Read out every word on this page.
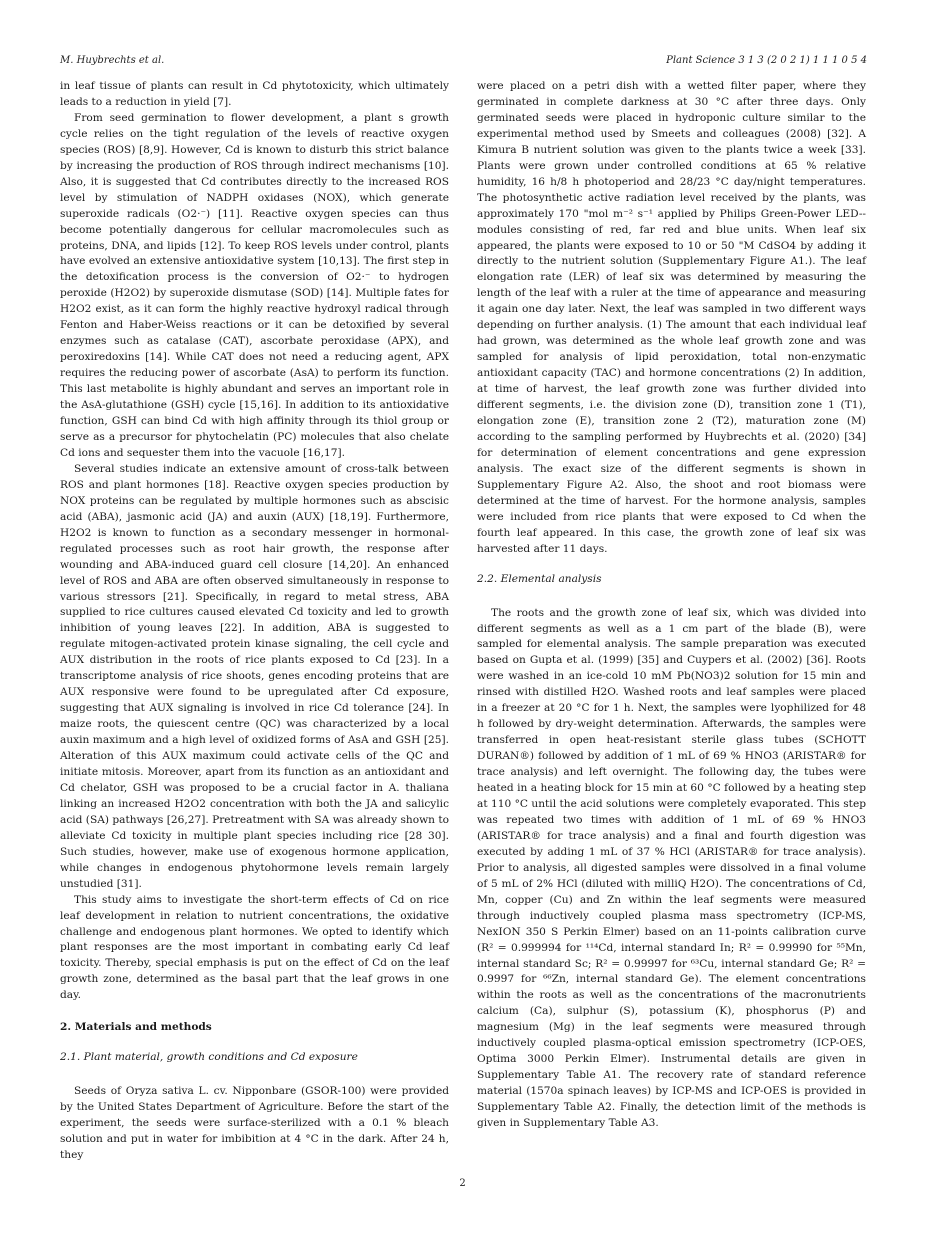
M. Huybrechts et al.	Plant Science 3 1 3 (2 0 2 1) 1 1 1 0 5 4

in leaf tissue of plants can result in Cd phytotoxicity, which ultimately leads to a reduction in yield [7].

From seed germination to flower development, a plant s growth cycle relies on the tight regulation of the levels of reactive oxygen species (ROS) [8,9]. However, Cd is known to disturb this strict balance by increasing the production of ROS through indirect mechanisms [10]. Also, it is suggested that Cd contributes directly to the increased ROS level by stimulation of NADPH oxidases (NOX), which generate superoxide radicals (O2·⁻) [11]. Reactive oxygen species can thus become potentially dangerous for cellular macromolecules such as proteins, DNA, and lipids [12]. To keep ROS levels under control, plants have evolved an extensive antioxidative system [10,13]. The first step in the detoxification process is the conversion of O2·⁻ to hydrogen peroxide (H2O2) by superoxide dismutase (SOD) [14]. Multiple fates for H2O2 exist, as it can form the highly reactive hydroxyl radical through Fenton and Haber-Weiss reactions or it can be detoxified by several enzymes such as catalase (CAT), ascorbate peroxidase (APX), and peroxiredoxins [14]. While CAT does not need a reducing agent, APX requires the reducing power of ascorbate (AsA) to perform its function. This last metabolite is highly abundant and serves an important role in the AsA-glutathione (GSH) cycle [15,16]. In addition to its antioxidative function, GSH can bind Cd with high affinity through its thiol group or serve as a precursor for phytochelatin (PC) molecules that also chelate Cd ions and sequester them into the vacuole [16,17].

Several studies indicate an extensive amount of cross-talk between ROS and plant hormones [18]. Reactive oxygen species production by NOX proteins can be regulated by multiple hormones such as abscisic acid (ABA), jasmonic acid (JA) and auxin (AUX) [18,19]. Furthermore, H2O2 is known to function as a secondary messenger in hormonal-regulated processes such as root hair growth, the response after wounding and ABA-induced guard cell closure [14,20]. An enhanced level of ROS and ABA are often observed simultaneously in response to various stressors [21]. Specifically, in regard to metal stress, ABA supplied to rice cultures caused elevated Cd toxicity and led to growth inhibition of young leaves [22]. In addition, ABA is suggested to regulate mitogen-activated protein kinase signaling, the cell cycle and AUX distribution in the roots of rice plants exposed to Cd [23]. In a transcriptome analysis of rice shoots, genes encoding proteins that are AUX responsive were found to be upregulated after Cd exposure, suggesting that AUX signaling is involved in rice Cd tolerance [24]. In maize roots, the quiescent centre (QC) was characterized by a local auxin maximum and a high level of oxidized forms of AsA and GSH [25]. Alteration of this AUX maximum could activate cells of the QC and initiate mitosis. Moreover, apart from its function as an antioxidant and Cd chelator, GSH was proposed to be a crucial factor in A. thaliana linking an increased H2O2 concentration with both the JA and salicylic acid (SA) pathways [26,27]. Pretreatment with SA was already shown to alleviate Cd toxicity in multiple plant species including rice [28 30]. Such studies, however, make use of exogenous hormone application, while changes in endogenous phytohormone levels remain largely unstudied [31].

This study aims to investigate the short-term effects of Cd on rice leaf development in relation to nutrient concentrations, the oxidative challenge and endogenous plant hormones. We opted to identify which plant responses are the most important in combating early Cd leaf toxicity. Thereby, special emphasis is put on the effect of Cd on the leaf growth zone, determined as the basal part that the leaf grows in one day.

2. Materials and methods
2.1. Plant material, growth conditions and Cd exposure

Seeds of Oryza sativa L. cv. Nipponbare (GSOR-100) were provided by the United States Department of Agriculture. Before the start of the experiment, the seeds were surface-sterilized with a 0.1 % bleach solution and put in water for imbibition at 4 °C in the dark. After 24 h, they

were placed on a petri dish with a wetted filter paper, where they germinated in complete darkness at 30 °C after three days. Only germinated seeds were placed in hydroponic culture similar to the experimental method used by Smeets and colleagues (2008) [32]. A Kimura B nutrient solution was given to the plants twice a week [33]. Plants were grown under controlled conditions at 65 % relative humidity, 16 h/8 h photoperiod and 28/23 °C day/night temperatures. The photosynthetic active radiation level received by the plants, was approximately 170 "mol m⁻² s⁻¹ applied by Philips Green-Power LED--modules consisting of red, far red and blue units. When leaf six appeared, the plants were exposed to 10 or 50 "M CdSO4 by adding it directly to the nutrient solution (Supplementary Figure A1.). The leaf elongation rate (LER) of leaf six was determined by measuring the length of the leaf with a ruler at the time of appearance and measuring it again one day later. Next, the leaf was sampled in two different ways depending on further analysis. (1) The amount that each individual leaf had grown, was determined as the whole leaf growth zone and was sampled for analysis of lipid peroxidation, total non-enzymatic antioxidant capacity (TAC) and hormone concentrations (2) In addition, at time of harvest, the leaf growth zone was further divided into different segments, i.e. the division zone (D), transition zone 1 (T1), elongation zone (E), transition zone 2 (T2), maturation zone (M) according to the sampling performed by Huybrechts et al. (2020) [34] for determination of element concentrations and gene expression analysis. The exact size of the different segments is shown in Supplementary Figure A2. Also, the shoot and root biomass were determined at the time of harvest. For the hormone analysis, samples were included from rice plants that were exposed to Cd when the fourth leaf appeared. In this case, the growth zone of leaf six was harvested after 11 days.

2.2. Elemental analysis

The roots and the growth zone of leaf six, which was divided into different segments as well as a 1 cm part of the blade (B), were sampled for elemental analysis. The sample preparation was executed based on Gupta et al. (1999) [35] and Cuypers et al. (2002) [36]. Roots were washed in an ice-cold 10 mM Pb(NO3)2 solution for 15 min and rinsed with distilled H2O. Washed roots and leaf samples were placed in a freezer at 20 °C for 1 h. Next, the samples were lyophilized for 48 h followed by dry-weight determination. Afterwards, the samples were transferred in open heat-resistant sterile glass tubes (SCHOTT DURAN®) followed by addition of 1 mL of 69 % HNO3 (ARISTAR® for trace analysis) and left overnight. The following day, the tubes were heated in a heating block for 15 min at 60 °C followed by a heating step at 110 °C until the acid solutions were completely evaporated. This step was repeated two times with addition of 1 mL of 69 % HNO3 (ARISTAR® for trace analysis) and a final and fourth digestion was executed by adding 1 mL of 37 % HCl (ARISTAR® for trace analysis). Prior to analysis, all digested samples were dissolved in a final volume of 5 mL of 2% HCl (diluted with milliQ H2O). The concentrations of Cd, Mn, copper (Cu) and Zn within the leaf segments were measured through inductively coupled plasma mass spectrometry (ICP-MS, NexION 350 S Perkin Elmer) based on an 11-points calibration curve (R² = 0.999994 for ¹¹⁴Cd, internal standard In; R² = 0.99990 for ⁵⁵Mn, internal standard Sc; R² = 0.99997 for ⁶³Cu, internal standard Ge; R² = 0.9997 for ⁶⁶Zn, internal standard Ge). The element concentrations within the roots as well as the concentrations of the macronutrients calcium (Ca), sulphur (S), potassium (K), phosphorus (P) and magnesium (Mg) in the leaf segments were measured through inductively coupled plasma-optical emission spectrometry (ICP-OES, Optima 3000 Perkin Elmer). Instrumental details are given in Supplementary Table A1. The recovery rate of standard reference material (1570a spinach leaves) by ICP-MS and ICP-OES is provided in Supplementary Table A2. Finally, the detection limit of the methods is given in Supplementary Table A3.

2
